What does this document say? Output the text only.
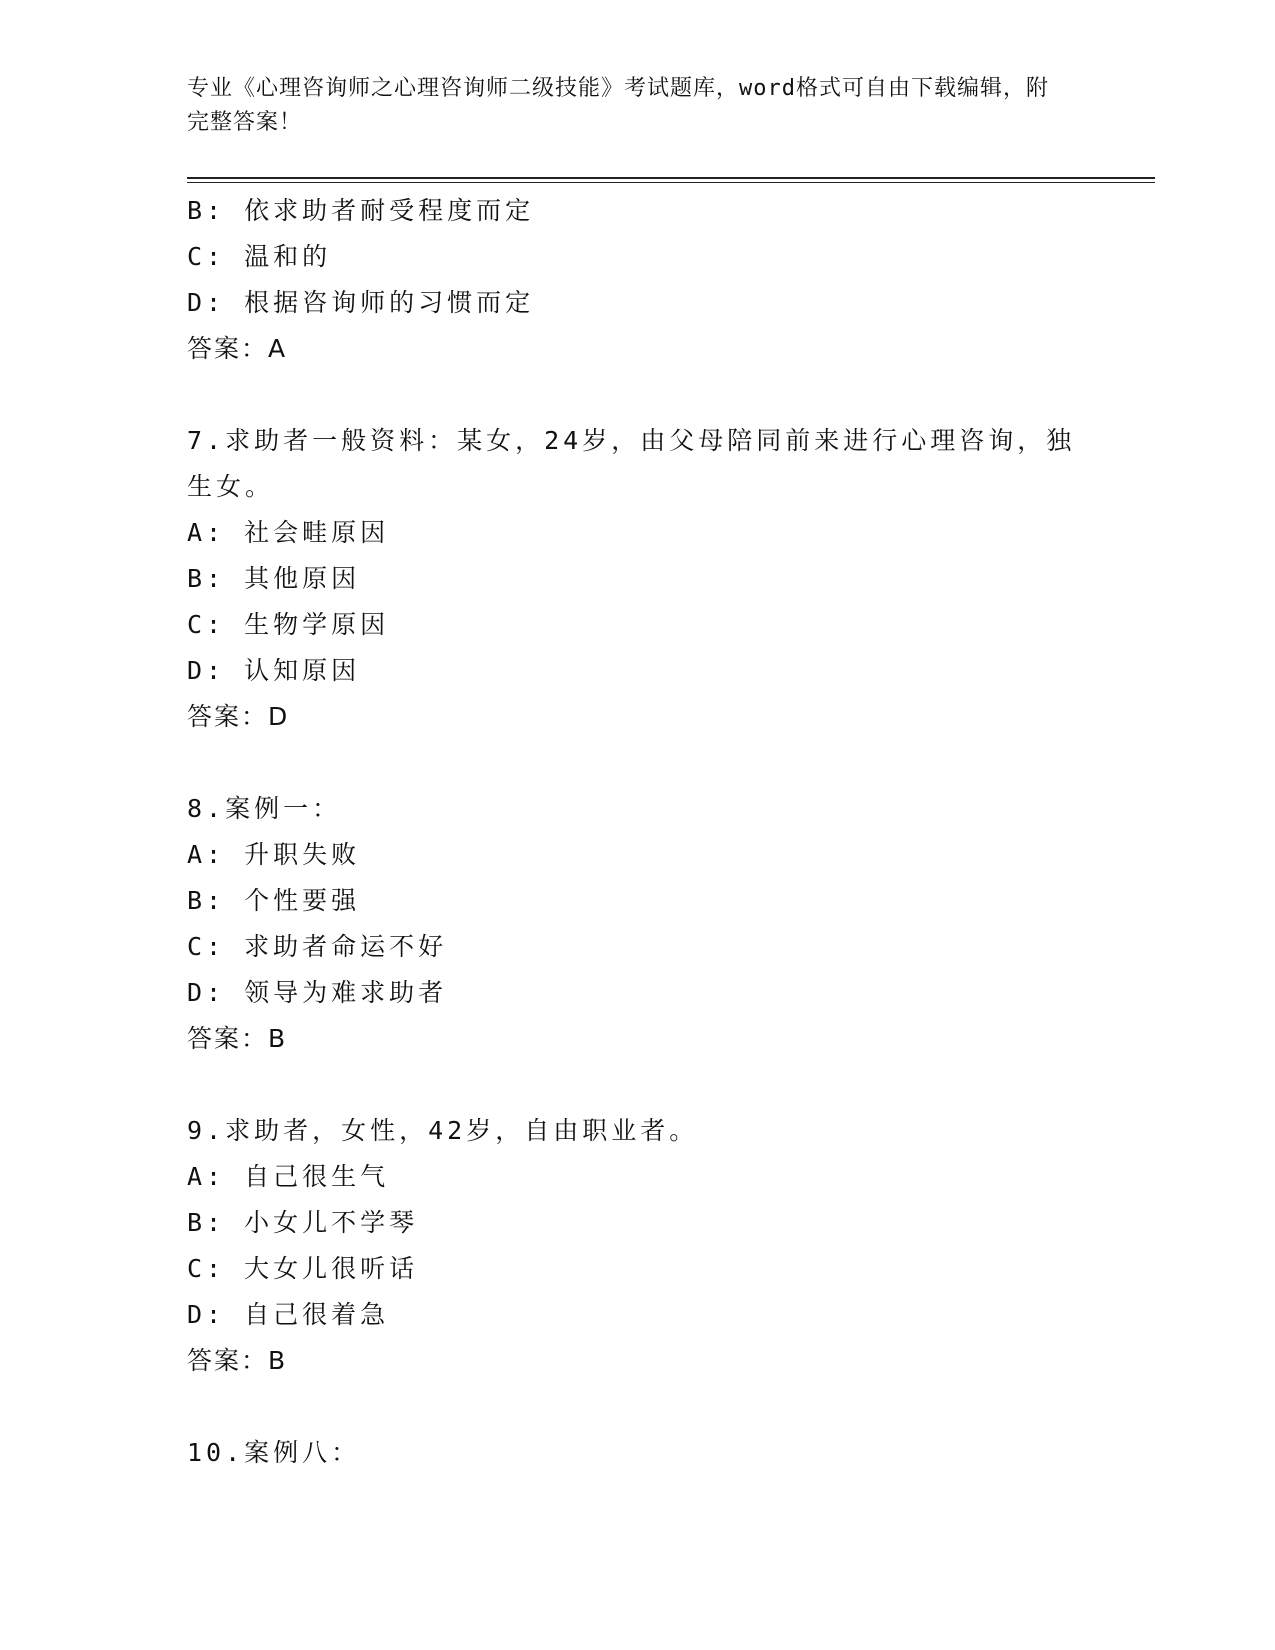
专业《心理咨询师之心理咨询师二级技能》考试题库，word格式可自由下载编辑，附完整答案！
B: 依求助者耐受程度而定
C: 温和的
D: 根据咨询师的习惯而定
答案：A
7.求助者一般资料：某女，24岁，由父母陪同前来进行心理咨询，独生女。
A: 社会畦原因
B: 其他原因
C: 生物学原因
D: 认知原因
答案：D
8.案例一：
A: 升职失败
B: 个性要强
C: 求助者命运不好
D: 领导为难求助者
答案：B
9.求助者，女性，42岁，自由职业者。
A: 自己很生气
B: 小女儿不学琴
C: 大女儿很听话
D: 自己很着急
答案：B
10.案例八：
